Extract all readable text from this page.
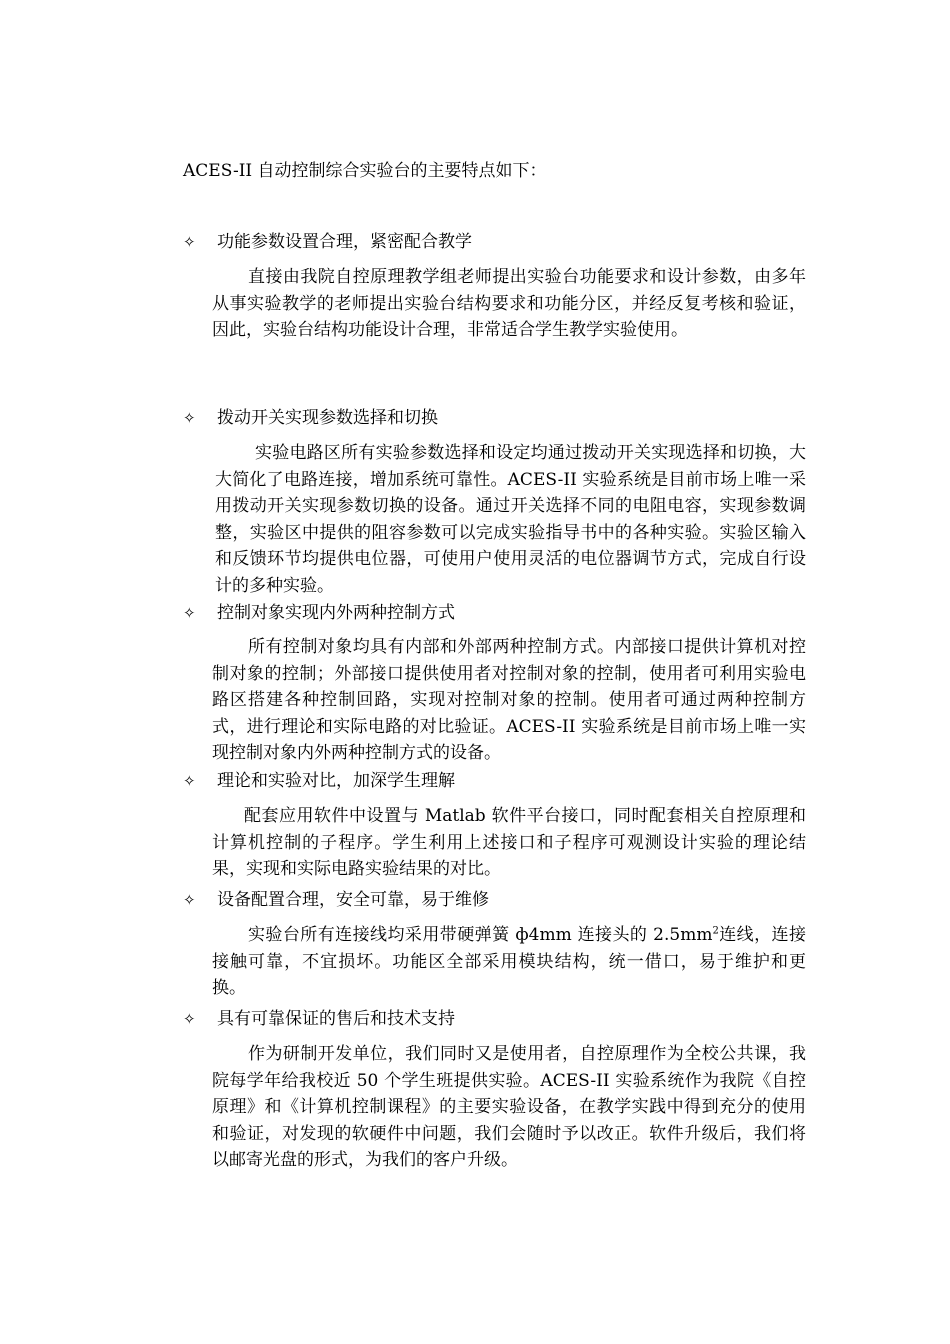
ACES-II 自动控制综合实验台的主要特点如下：
✧	功能参数设置合理，紧密配合教学

直接由我院自控原理教学组老师提出实验台功能要求和设计参数，由多年从事实验教学的老师提出实验台结构要求和功能分区，并经反复考核和验证，因此，实验台结构功能设计合理，非常适合学生教学实验使用。

✧	拨动开关实现参数选择和切换

实验电路区所有实验参数选择和设定均通过拨动开关实现选择和切换，大大简化了电路连接，增加系统可靠性。ACES-II 实验系统是目前市场上唯一采用拨动开关实现参数切换的设备。通过开关选择不同的电阻电容，实现参数调整，实验区中提供的阻容参数可以完成实验指导书中的各种实验。实验区输入和反馈环节均提供电位器，可使用户使用灵活的电位器调节方式，完成自行设计的多种实验。

✧	控制对象实现内外两种控制方式

所有控制对象均具有内部和外部两种控制方式。内部接口提供计算机对控制对象的控制；外部接口提供使用者对控制对象的控制，使用者可利用实验电路区搭建各种控制回路，实现对控制对象的控制。使用者可通过两种控制方式，进行理论和实际电路的对比验证。ACES-II 实验系统是目前市场上唯一实现控制对象内外两种控制方式的设备。

✧	理论和实验对比，加深学生理解

配套应用软件中设置与 Matlab 软件平台接口，同时配套相关自控原理和计算机控制的子程序。学生利用上述接口和子程序可观测设计实验的理论结果，实现和实际电路实验结果的对比。

✧	设备配置合理，安全可靠，易于维修

实验台所有连接线均采用带硬弹簧 ф4mm 连接头的 $2.5mm^2$连线，连接接触可靠，不宜损坏。功能区全部采用模块结构，统一借口，易于维护和更换。

✧	具有可靠保证的售后和技术支持

作为研制开发单位，我们同时又是使用者，自控原理作为全校公共课，我院每学年给我校近 50 个学生班提供实验。ACES-II 实验系统作为我院《自控原理》和《计算机控制课程》的主要实验设备，在教学实践中得到充分的使用和验证，对发现的软硬件中问题，我们会随时予以改正。软件升级后，我们将以邮寄光盘的形式，为我们的客户升级。
